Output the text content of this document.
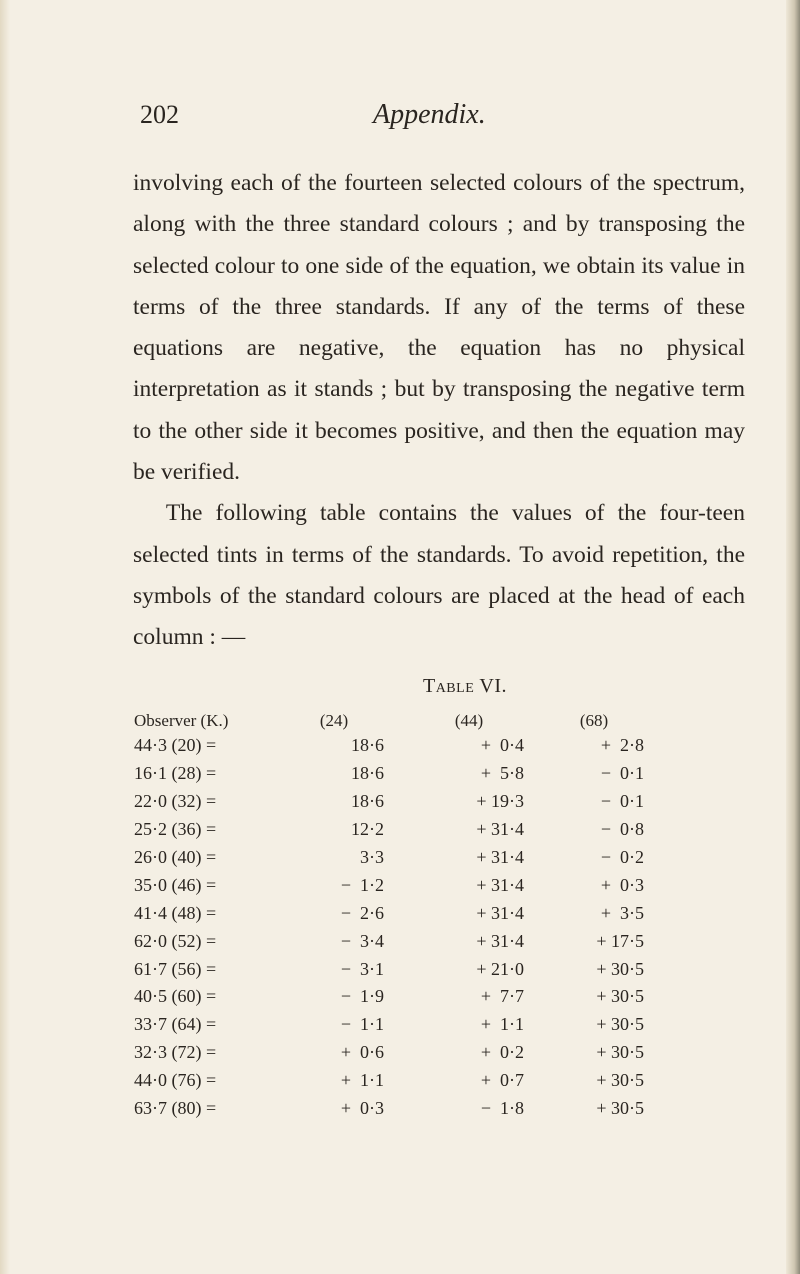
202	Appendix.

involving each of the fourteen selected colours of the spectrum, along with the three standard colours ; and by transposing the selected colour to one side of the equation, we obtain its value in terms of the three standards. If any of the terms of these equations are negative, the equation has no physical interpretation as it stands ; but by transposing the negative term to the other side it becomes positive, and then the equation may be verified.

The following table contains the values of the four-teen selected tints in terms of the standards. To avoid repetition, the symbols of the standard colours are placed at the head of each column : —

Table VI.
Observer (K.)	(24)	(44)	(68)
44·3 (20) =	18·6	+  0·4	+  2·8
16·1 (28) =	18·6	+  5·8	−  0·1
22·0 (32) =	18·6	+ 19·3	−  0·1
25·2 (36) =	12·2	+ 31·4	−  0·8
26·0 (40) =	3·3	+ 31·4	−  0·2
35·0 (46) =	−  1·2	+ 31·4	+  0·3
41·4 (48) =	−  2·6	+ 31·4	+  3·5
62·0 (52) =	−  3·4	+ 31·4	+ 17·5
61·7 (56) =	−  3·1	+ 21·0	+ 30·5
40·5 (60) =	−  1·9	+  7·7	+ 30·5
33·7 (64) =	−  1·1	+  1·1	+ 30·5
32·3 (72) =	+  0·6	+  0·2	+ 30·5
44·0 (76) =	+  1·1	+  0·7	+ 30·5
63·7 (80) =	+  0·3	−  1·8	+ 30·5
